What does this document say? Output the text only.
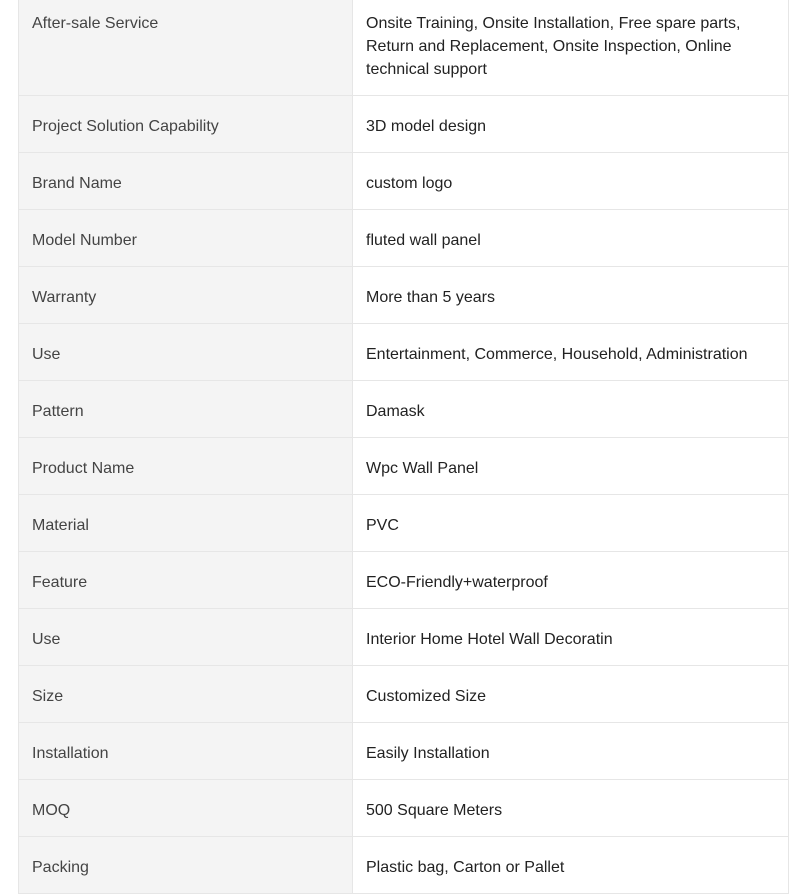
After-sale Service	Onsite Training, Onsite Installation, Free spare parts, Return and Replacement, Onsite Inspection, Online technical support
Project Solution Capability	3D model design
Brand Name	custom logo
Model Number	fluted wall panel
Warranty	More than 5 years
Use	Entertainment, Commerce, Household, Administration
Pattern	Damask
Product Name	Wpc Wall Panel
Material	PVC
Feature	ECO-Friendly+waterproof
Use	Interior Home Hotel Wall Decoratin
Size	Customized Size
Installation	Easily Installation
MOQ	500 Square Meters
Packing	Plastic bag, Carton or Pallet
